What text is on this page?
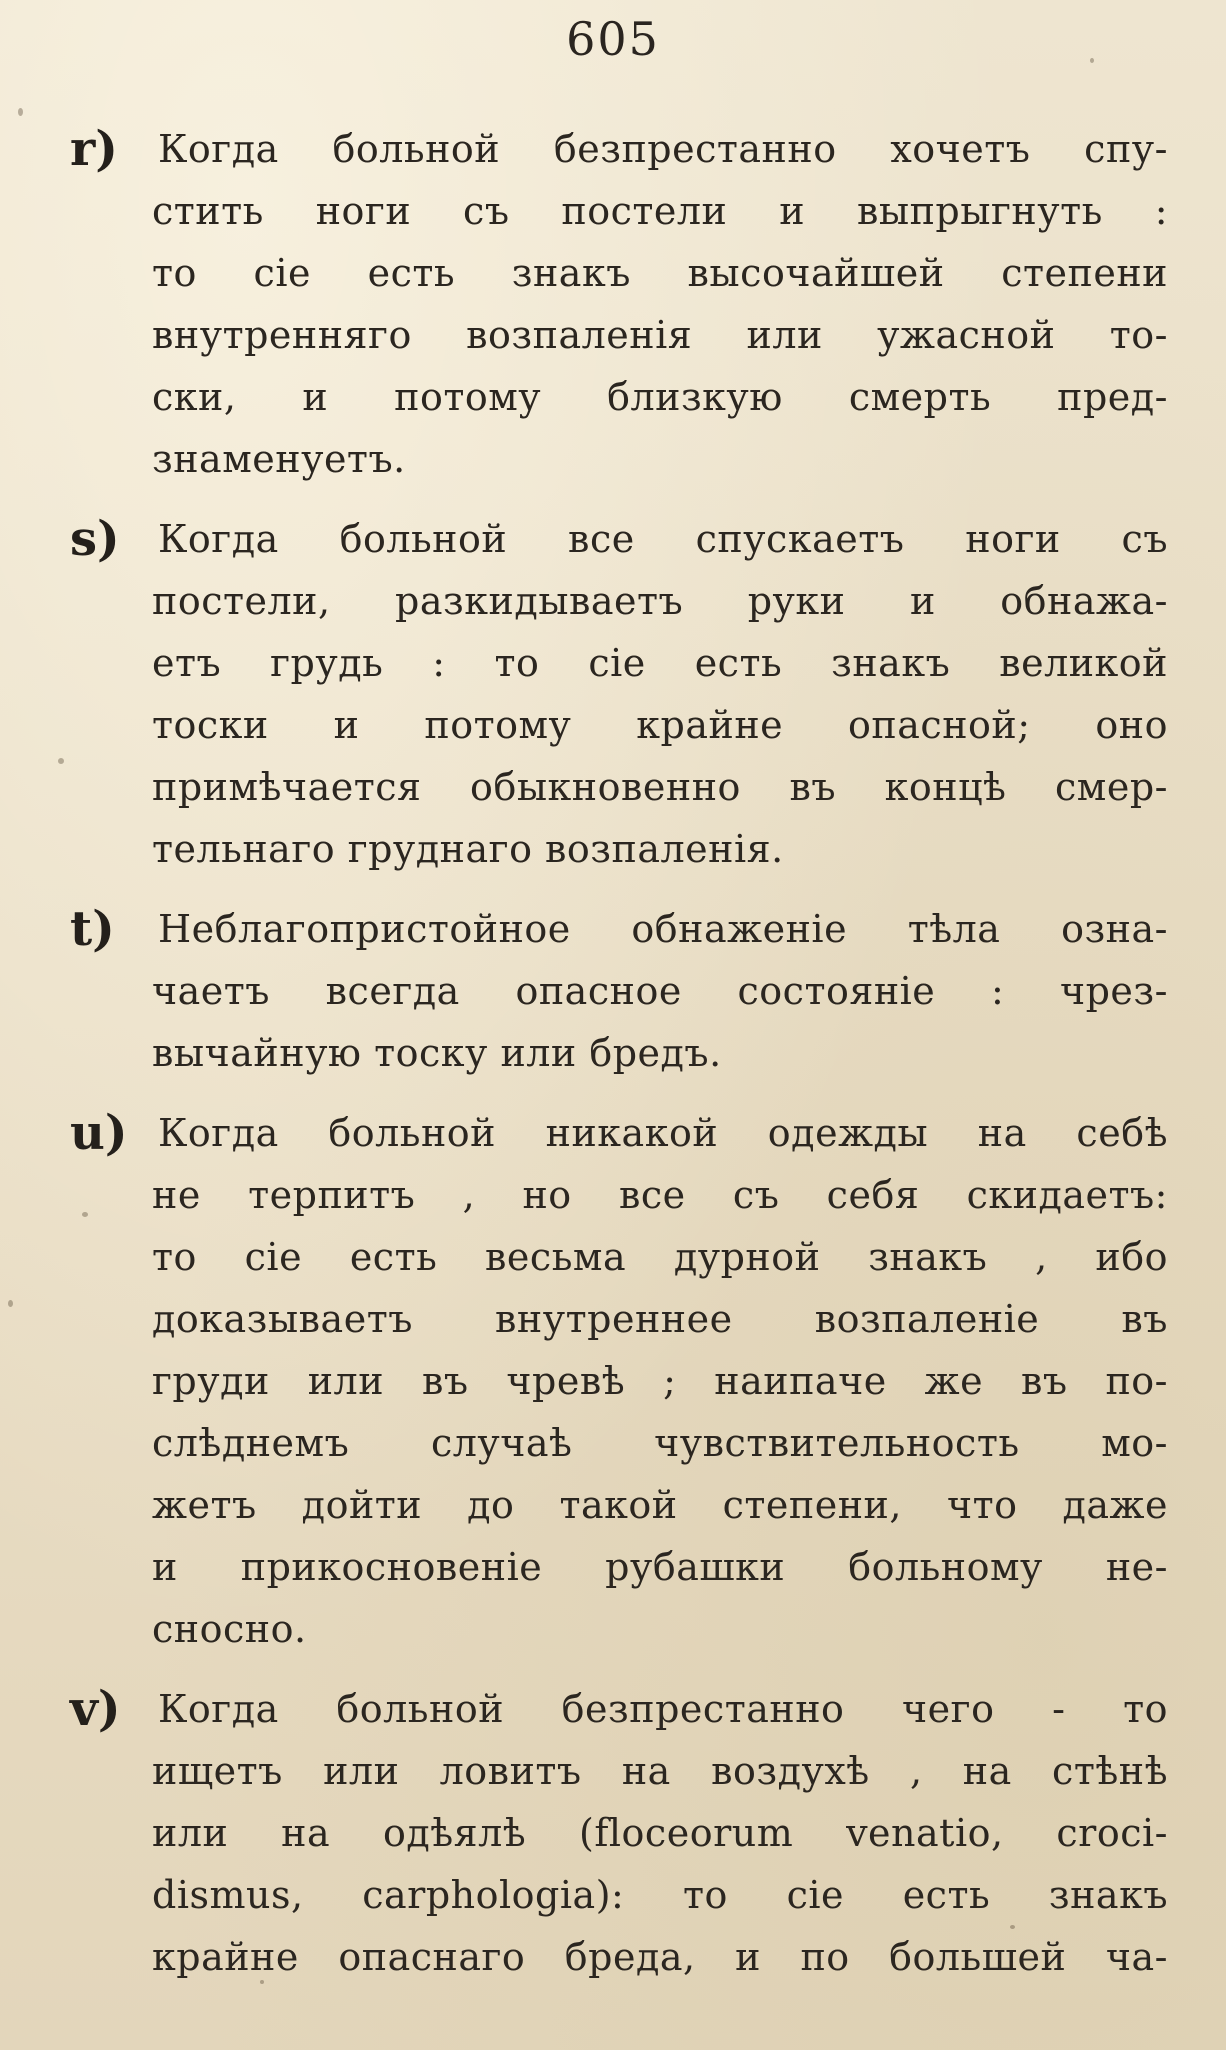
605
r) Когда больной безпрестанно хочетъ спу-
стить ноги съ постели и выпрыгнуть :
то сіе есть знакъ высочайшей степени
внутренняго возпаленія или ужасной то-
ски, и потому близкую смерть пред-
знаменуетъ.
s) Когда больной все спускаетъ ноги съ
постели, разкидываетъ руки и обнажа-
етъ грудь : то сіе есть знакъ великой
тоски и потому крайне опасной; оно
примѣчается обыкновенно въ концѣ смер-
тельнаго груднаго возпаленія.
t) Неблагопристойное обнаженіе тѣла озна-
чаетъ всегда опасное состояніе : чрез-
вычайную тоску или бредъ.
u) Когда больной никакой одежды на себѣ
не терпитъ , но все съ себя скидаетъ:
то сіе есть весьма дурной знакъ , ибо
доказываетъ внутреннее возпаленіе въ
груди или въ чревѣ ; наипаче же въ по-
слѣднемъ случаѣ чувствительность мо-
жетъ дойти до такой степени, что даже
и прикосновеніе рубашки больному не-
сносно.
v) Когда больной безпрестанно чего - то
ищетъ или ловитъ на воздухѣ , на стѣнѣ
или на одѣялѣ (floceorum venatio, croci-
dismus, carphologia): то сіе есть знакъ
крайне опаснаго бреда, и по большей ча-
